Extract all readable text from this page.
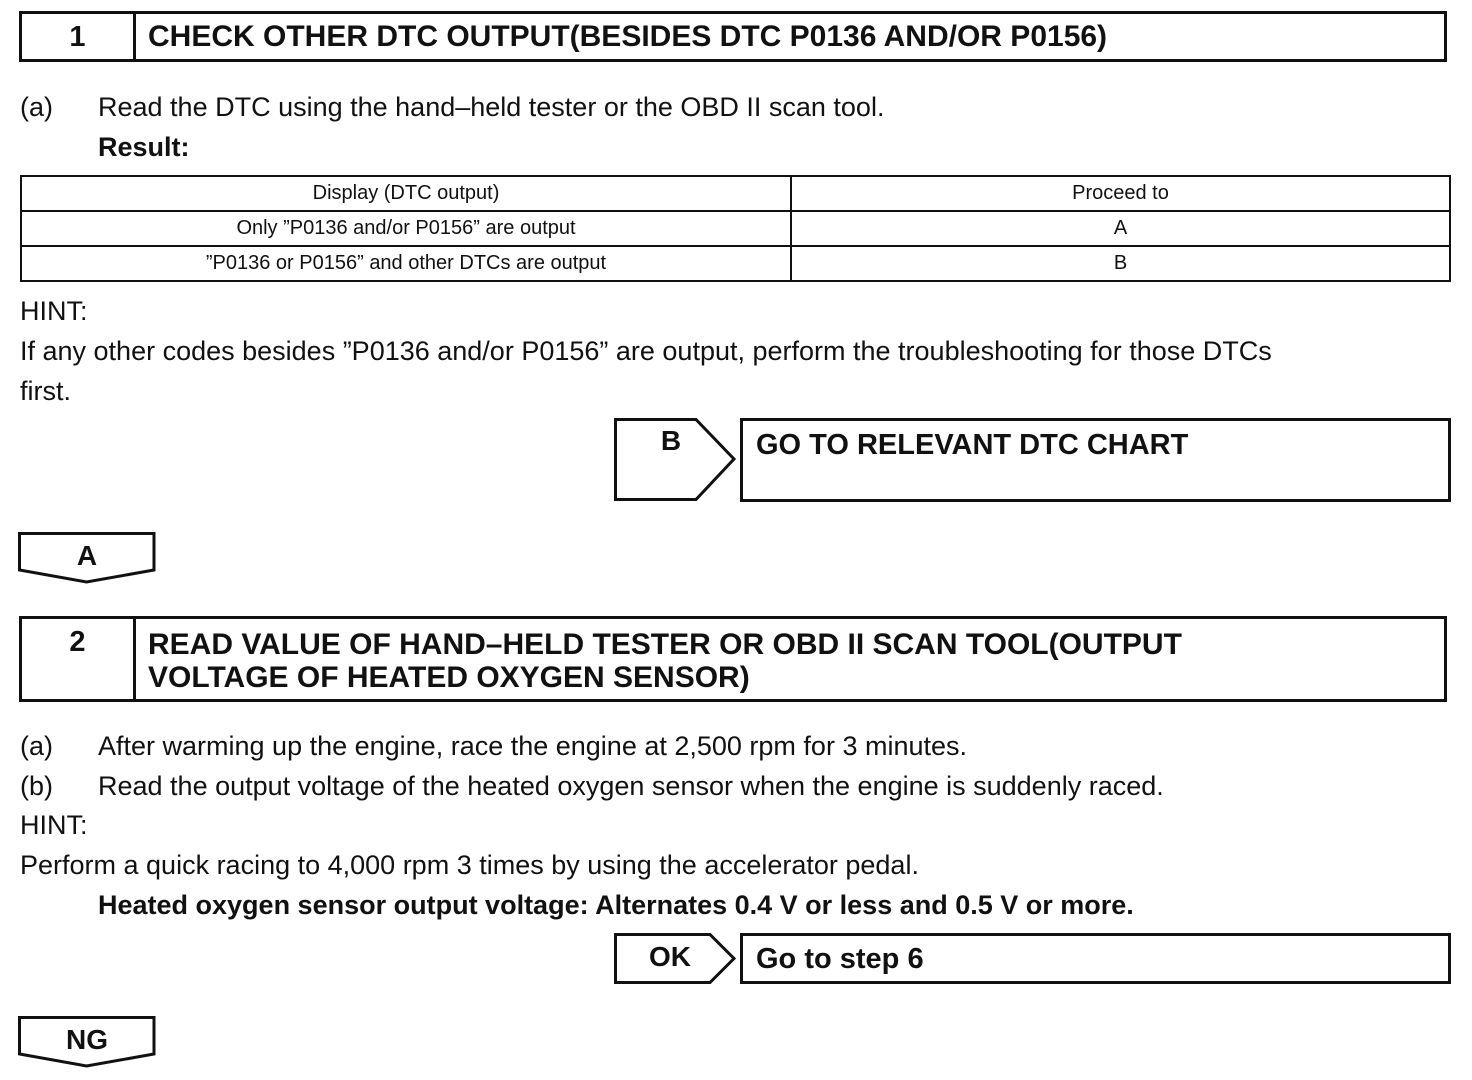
1	CHECK OTHER DTC OUTPUT(BESIDES DTC P0136 AND/OR P0156)
(a) Read the DTC using the hand–held tester or the OBD II scan tool.
Result:
Display (DTC output)	Proceed to
Only ”P0136 and/or P0156” are output	A
”P0136 or P0156” and other DTCs are output	B
HINT:
If any other codes besides ”P0136 and/or P0156” are output, perform the troubleshooting for those DTCs
first.
B	GO TO RELEVANT DTC CHART
A
2	READ VALUE OF HAND–HELD TESTER OR OBD II SCAN TOOL(OUTPUT
VOLTAGE OF HEATED OXYGEN SENSOR)
(a) After warming up the engine, race the engine at 2,500 rpm for 3 minutes.
(b) Read the output voltage of the heated oxygen sensor when the engine is suddenly raced.
HINT:
Perform a quick racing to 4,000 rpm 3 times by using the accelerator pedal.
Heated oxygen sensor output voltage: Alternates 0.4 V or less and 0.5 V or more.
OK	Go to step 6
NG
